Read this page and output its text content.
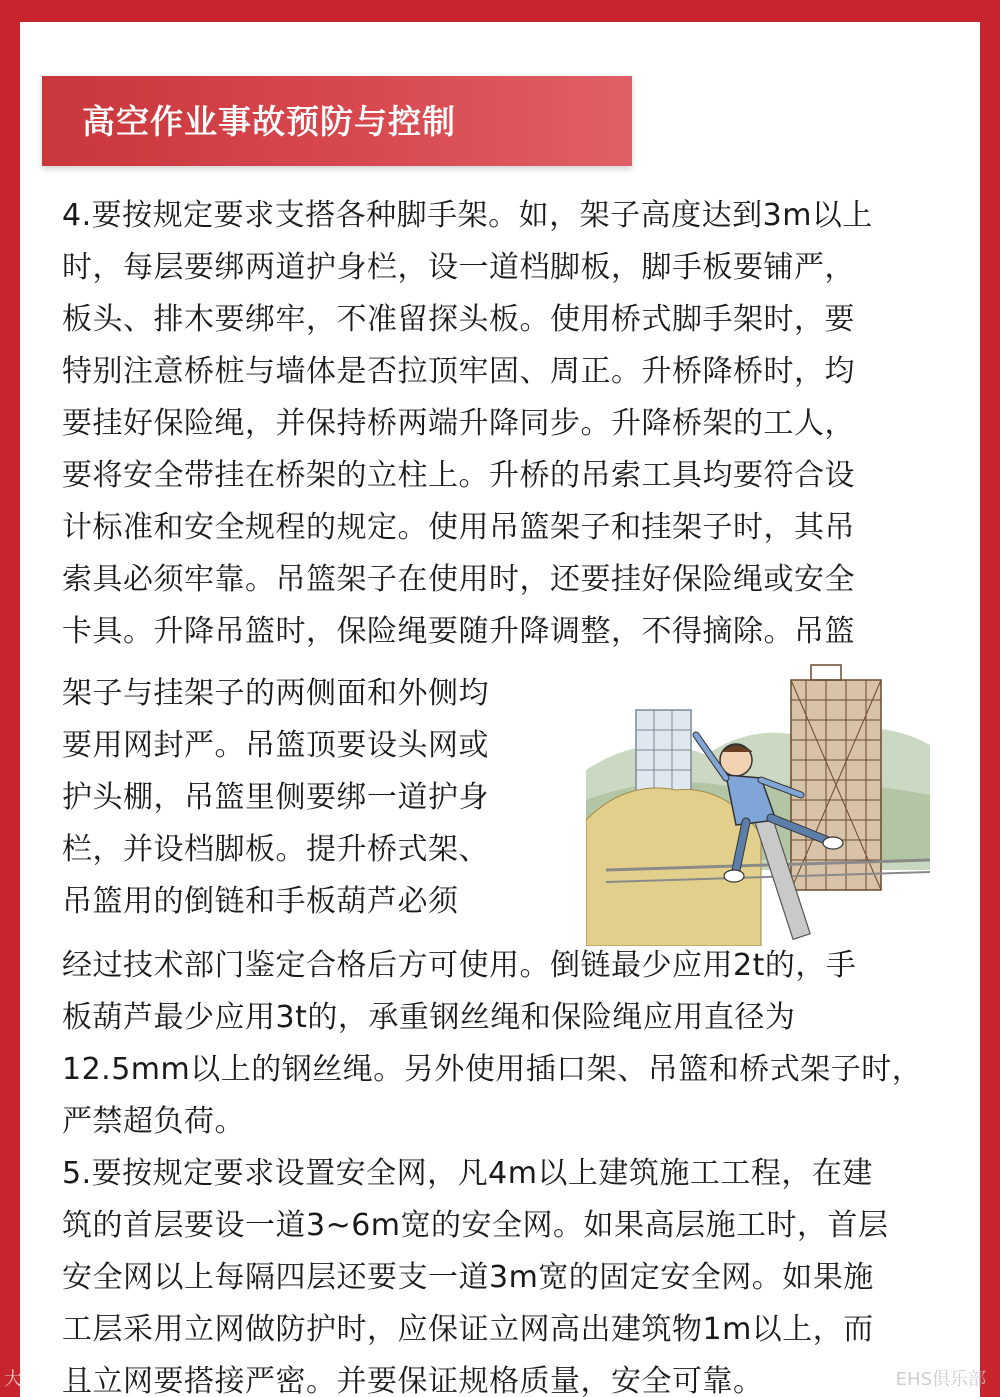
高空作业事故预防与控制

4.要按规定要求支搭各种脚手架。如，架子高度达到3m以上
时，每层要绑两道护身栏，设一道档脚板，脚手板要铺严，
板头、排木要绑牢，不准留探头板。使用桥式脚手架时，要
特别注意桥桩与墙体是否拉顶牢固、周正。升桥降桥时，均
要挂好保险绳，并保持桥两端升降同步。升降桥架的工人，
要将安全带挂在桥架的立柱上。升桥的吊索工具均要符合设
计标准和安全规程的规定。使用吊篮架子和挂架子时，其吊
索具必须牢靠。吊篮架子在使用时，还要挂好保险绳或安全
卡具。升降吊篮时，保险绳要随升降调整，不得摘除。吊篮

架子与挂架子的两侧面和外侧均
要用网封严。吊篮顶要设头网或
护头棚，吊篮里侧要绑一道护身
栏，并设档脚板。提升桥式架、
吊篮用的倒链和手板葫芦必须

经过技术部门鉴定合格后方可使用。倒链最少应用2t的，手
板葫芦最少应用3t的，承重钢丝绳和保险绳应用直径为
12.5mm以上的钢丝绳。另外使用插口架、吊篮和桥式架子时，
严禁超负荷。
5.要按规定要求设置安全网，凡4m以上建筑施工工程，在建
筑的首层要设一道3~6m宽的安全网。如果高层施工时，首层
安全网以上每隔四层还要支一道3m宽的固定安全网。如果施
工层采用立网做防护时，应保证立网高出建筑物1m以上，而
且立网要搭接严密。并要保证规格质量，安全可靠。

大国匠心	EHS俱乐部
